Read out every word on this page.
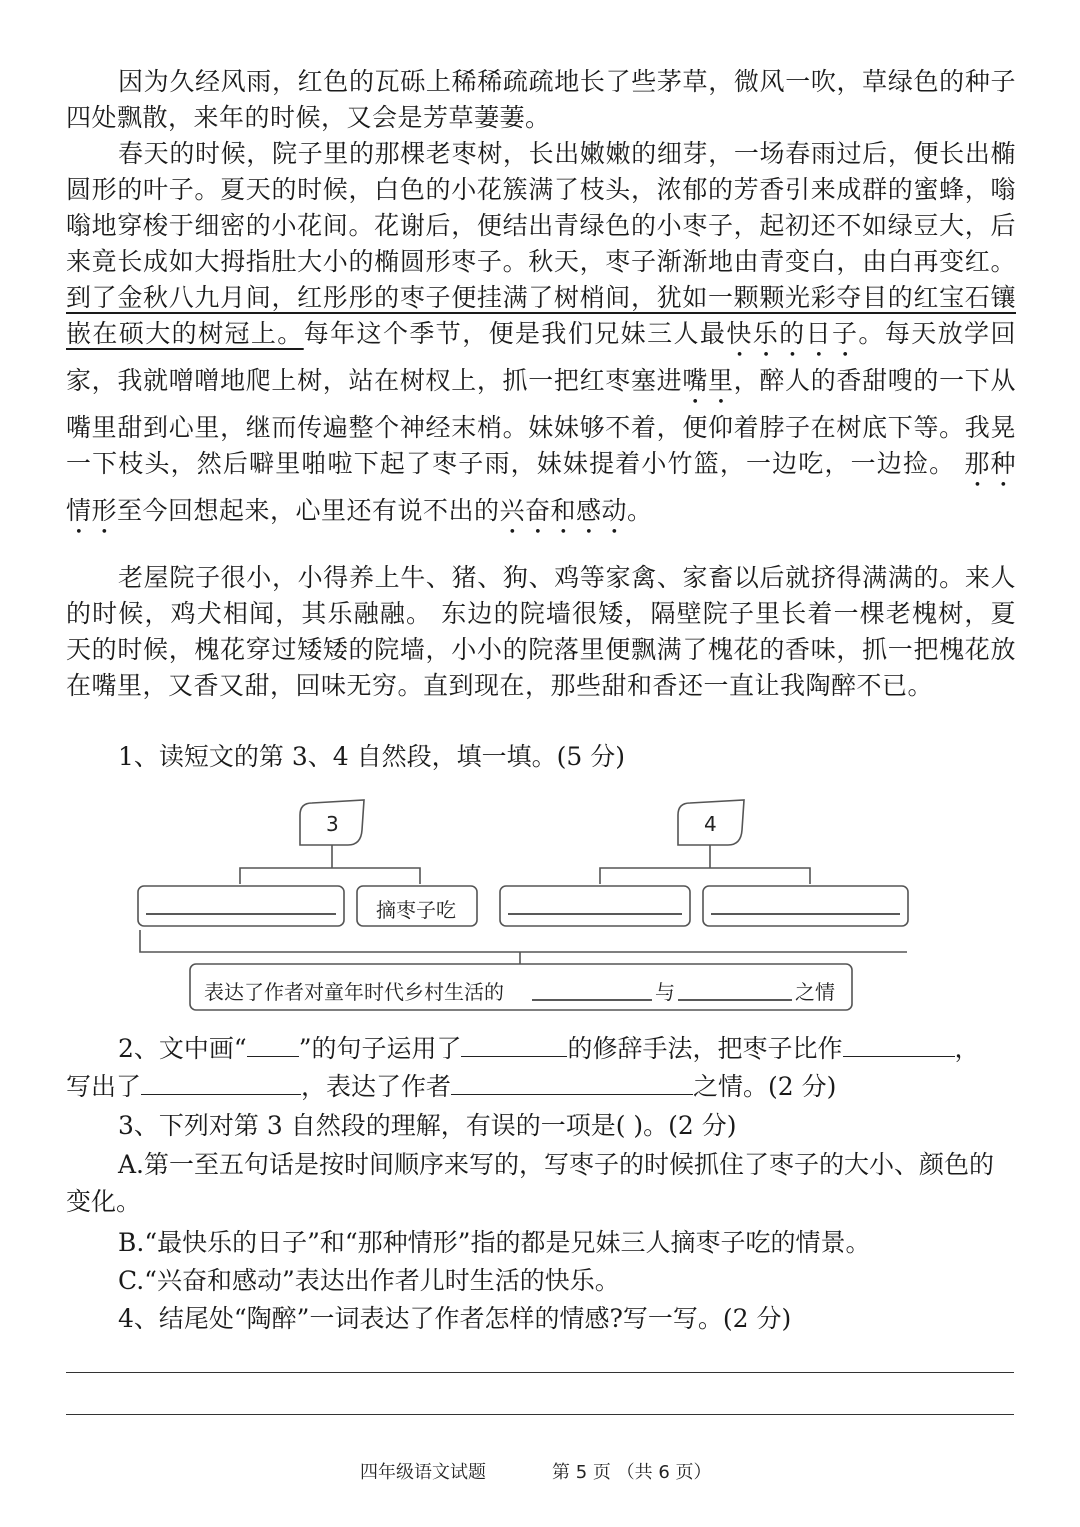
因为久经风雨，红色的瓦砾上稀稀疏疏地长了些茅草，微风一吹，草绿色的种子四处飘散，来年的时候，又会是芳草萋萋。

春天的时候，院子里的那棵老枣树，长出嫩嫩的细芽，一场春雨过后，便长出椭圆形的叶子。夏天的时候，白色的小花簇满了枝头，浓郁的芳香引来成群的蜜蜂，嗡嗡地穿梭于细密的小花间。花谢后，便结出青绿色的小枣子，起初还不如绿豆大，后来竟长成如大拇指肚大小的椭圆形枣子。秋天，枣子渐渐地由青变白，由白再变红。到了金秋八九月间，红彤彤的枣子便挂满了树梢间，犹如一颗颗光彩夺目的红宝石镶嵌在硕大的树冠上。每年这个季节，便是我们兄妹三人最快乐的日子。每天放学回家，我就噌噌地爬上树，站在树杈上，抓一把红枣塞进嘴里，醉人的香甜嗖的一下从嘴里甜到心里，继而传遍整个神经末梢。妹妹够不着，便仰着脖子在树底下等。我晃一下枝头，然后噼里啪啦下起了枣子雨，妹妹提着小竹篮，一边吃，一边捡。 那种情形至今回想起来，心里还有说不出的兴奋和感动。

老屋院子很小，小得养上牛、猪、狗、鸡等家禽、家畜以后就挤得满满的。来人的时候，鸡犬相闻，其乐融融。 东边的院墙很矮，隔壁院子里长着一棵老槐树，夏天的时候，槐花穿过矮矮的院墙，小小的院落里便飘满了槐花的香味，抓一把槐花放在嘴里，又香又甜，回味无穷。直到现在，那些甜和香还一直让我陶醉不已。

1、读短文的第 3、4 自然段，填一填。(5 分)

3	4
摘枣子吃
表达了作者对童年时代乡村生活的	与	之情

2、文中画“ ”的句子运用了	的修辞手法，把枣子比作	，

写出了	，表达了作者	之情。(2 分)

3、下列对第 3 自然段的理解，有误的一项是( )。(2 分)

A.第一至五句话是按时间顺序来写的，写枣子的时候抓住了枣子的大小、颜色的变化。

B.“最快乐的日子”和“那种情形”指的都是兄妹三人摘枣子吃的情景。

C.“兴奋和感动”表达出作者儿时生活的快乐。

4、结尾处“陶醉”一词表达了作者怎样的情感?写一写。(2 分)

四年级语文试题	第 5 页 （共 6 页）
